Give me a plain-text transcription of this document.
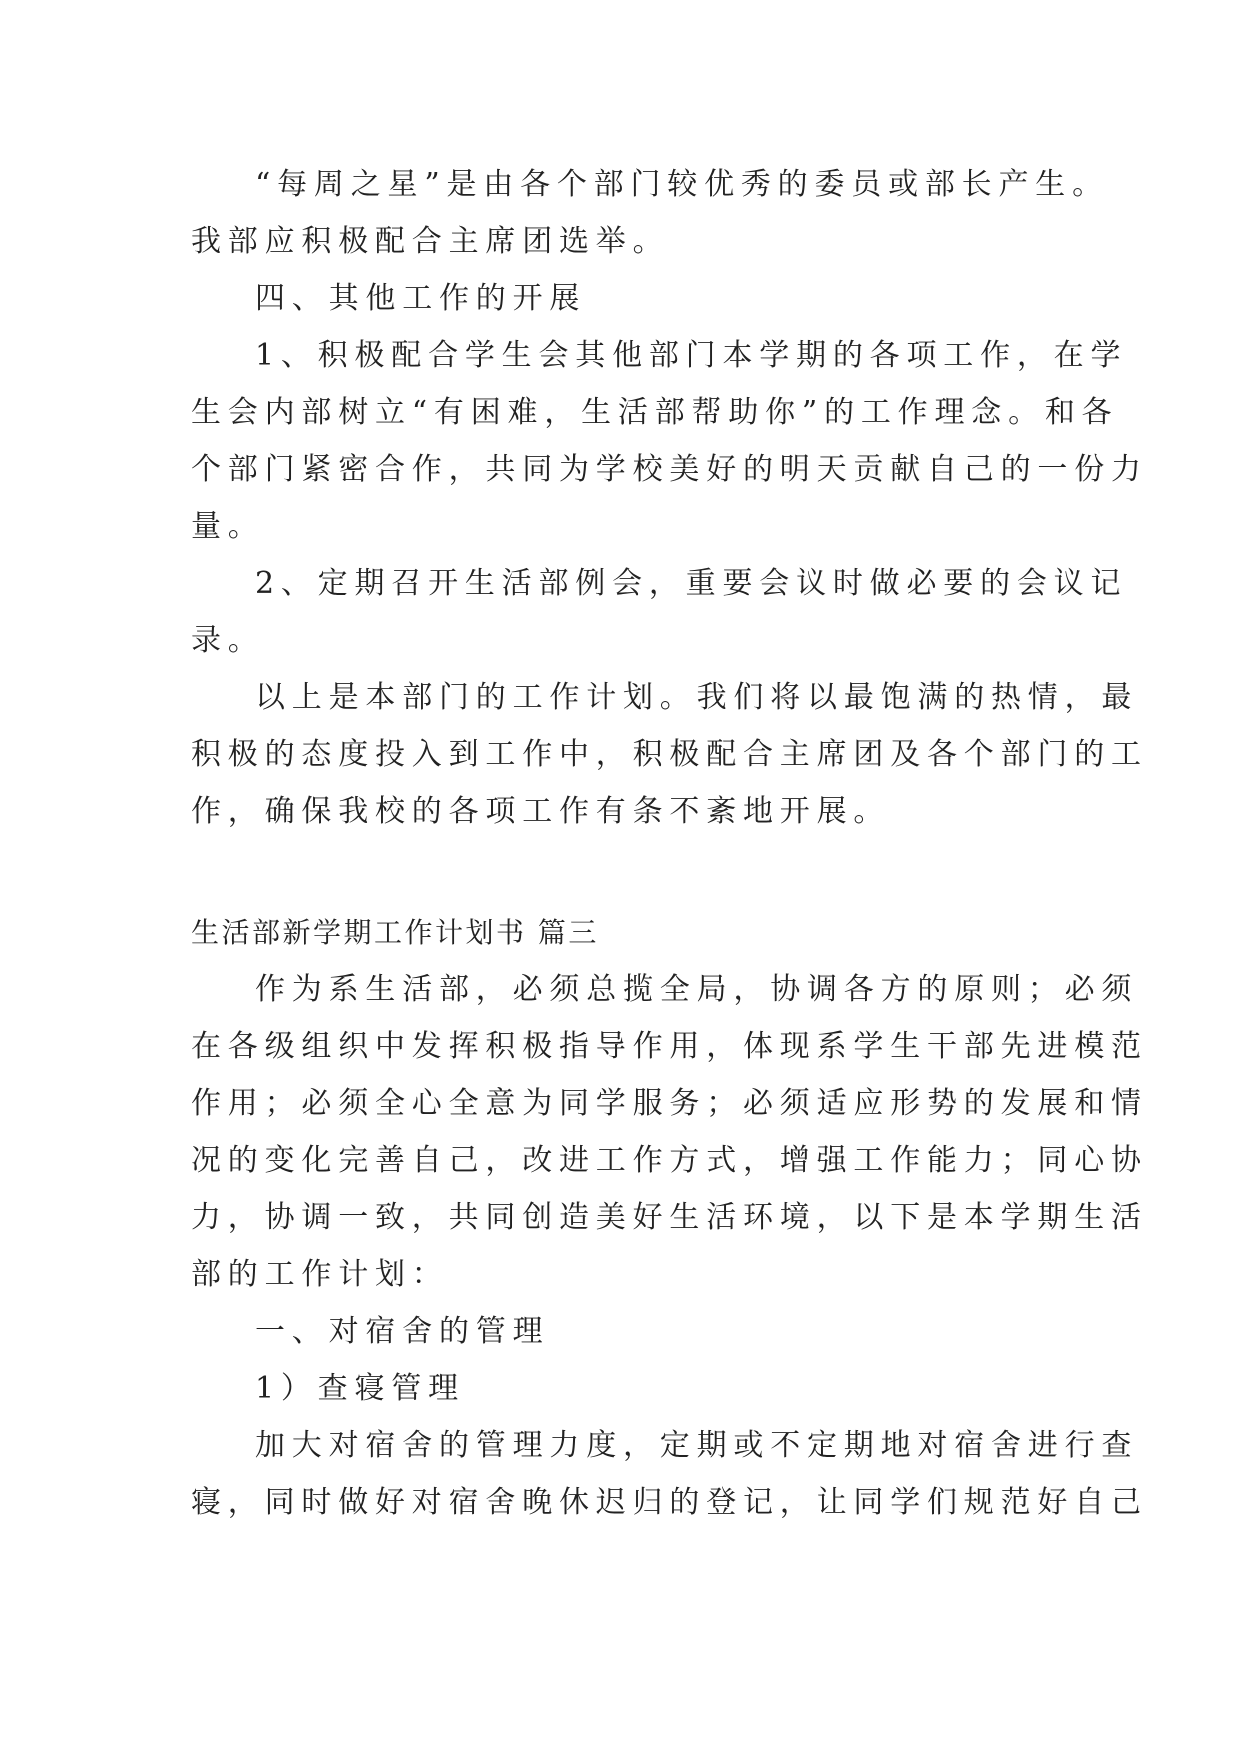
“每周之星”是由各个部门较优秀的委员或部长产生。

我部应积极配合主席团选举。

四、其他工作的开展

1、积极配合学生会其他部门本学期的各项工作，在学

生会内部树立“有困难，生活部帮助你”的工作理念。和各

个部门紧密合作，共同为学校美好的明天贡献自己的一份力

量。

2、定期召开生活部例会，重要会议时做必要的会议记

录。

以上是本部门的工作计划。我们将以最饱满的热情，最

积极的态度投入到工作中，积极配合主席团及各个部门的工

作，确保我校的各项工作有条不紊地开展。

生活部新学期工作计划书 篇三

作为系生活部，必须总揽全局，协调各方的原则；必须

在各级组织中发挥积极指导作用，体现系学生干部先进模范

作用；必须全心全意为同学服务；必须适应形势的发展和情

况的变化完善自己，改进工作方式，增强工作能力；同心协

力，协调一致，共同创造美好生活环境，以下是本学期生活

部的工作计划：

一、对宿舍的管理

1）查寝管理

加大对宿舍的管理力度，定期或不定期地对宿舍进行查

寝，同时做好对宿舍晚休迟归的登记，让同学们规范好自己
